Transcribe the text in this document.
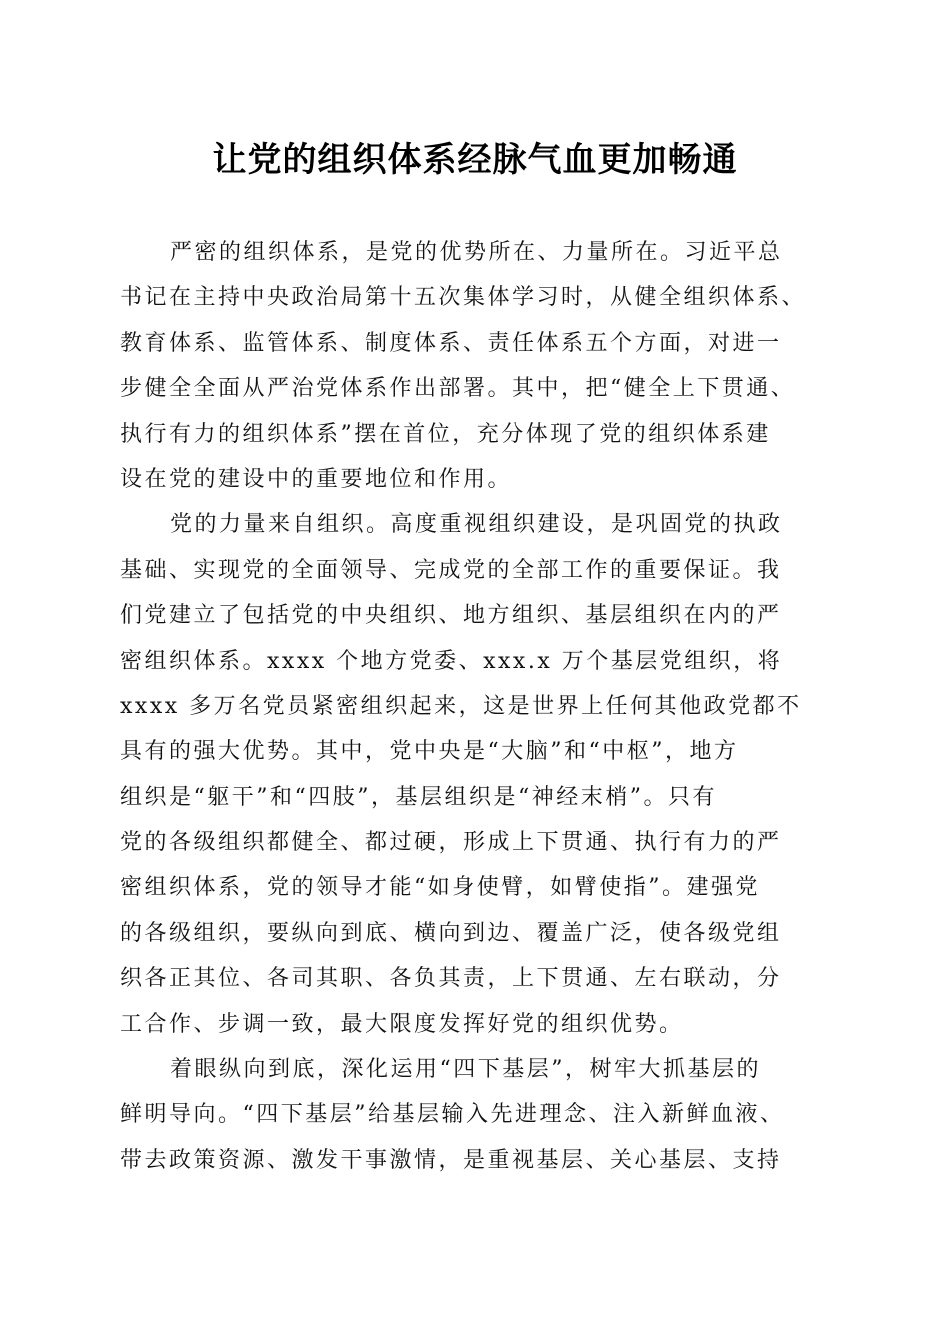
让党的组织体系经脉气血更加畅通
严密的组织体系，是党的优势所在、力量所在。习近平总
书记在主持中央政治局第十五次集体学习时，从健全组织体系、
教育体系、监管体系、制度体系、责任体系五个方面，对进一
步健全全面从严治党体系作出部署。其中，把“健全上下贯通、
执行有力的组织体系”摆在首位，充分体现了党的组织体系建
设在党的建设中的重要地位和作用。
党的力量来自组织。高度重视组织建设，是巩固党的执政
基础、实现党的全面领导、完成党的全部工作的重要保证。我
们党建立了包括党的中央组织、地方组织、基层组织在内的严
密组织体系。xxxx 个地方党委、xxx.x 万个基层党组织，将
xxxx 多万名党员紧密组织起来，这是世界上任何其他政党都不
具有的强大优势。其中，党中央是“大脑”和“中枢”，地方
组织是“躯干”和“四肢”，基层组织是“神经末梢”。只有
党的各级组织都健全、都过硬，形成上下贯通、执行有力的严
密组织体系，党的领导才能“如身使臂，如臂使指”。建强党
的各级组织，要纵向到底、横向到边、覆盖广泛，使各级党组
织各正其位、各司其职、各负其责，上下贯通、左右联动，分
工合作、步调一致，最大限度发挥好党的组织优势。
着眼纵向到底，深化运用“四下基层”，树牢大抓基层的
鲜明导向。“四下基层”给基层输入先进理念、注入新鲜血液、
带去政策资源、激发干事激情，是重视基层、关心基层、支持
